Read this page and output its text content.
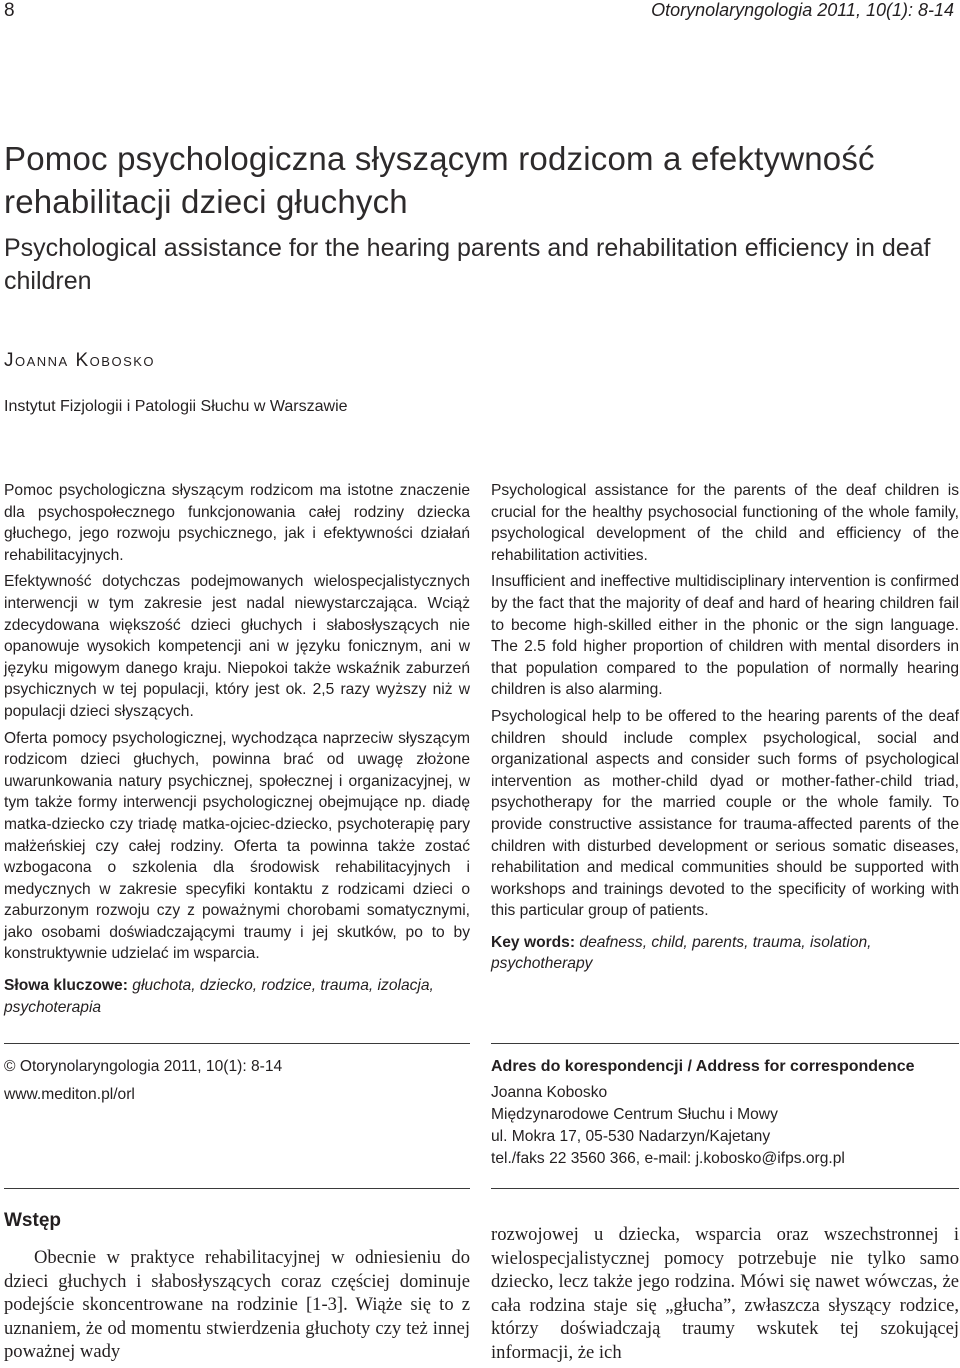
8	Otorynolaryngologia 2011, 10(1): 8-14
Pomoc psychologiczna słyszącym rodzicom a efektywność rehabilitacji dzieci głuchych
Psychological assistance for the hearing parents and rehabilitation efficiency in deaf children
Joanna Kobosko
Instytut Fizjologii i Patologii Słuchu w Warszawie

Pomoc psychologiczna słyszącym rodzicom ma istotne znaczenie dla psychospołecznego funkcjonowania całej rodziny dziecka głuchego, jego rozwoju psychicznego, jak i efektywności działań rehabilitacyjnych.

Efektywność dotychczas podejmowanych wielospecjalistycznych interwencji w tym zakresie jest nadal niewystarczająca. Wciąż zdecydowana większość dzieci głuchych i słabosłyszących nie opanowuje wysokich kompetencji ani w języku fonicznym, ani w języku migowym danego kraju. Niepokoi także wskaźnik zaburzeń psychicznych w tej populacji, który jest ok. 2,5 razy wyższy niż w populacji dzieci słyszących.

Oferta pomocy psychologicznej, wychodząca naprzeciw słyszącym rodzicom dzieci głuchych, powinna brać od uwagę złożone uwarunkowania natury psychicznej, społecznej i organizacyjnej, w tym także formy interwencji psychologicznej obejmujące np. diadę matka-dziecko czy triadę matka-ojciec-dziecko, psychoterapię pary małżeńskiej czy całej rodziny. Oferta ta powinna także zostać wzbogacona o szkolenia dla środowisk rehabilitacyjnych i medycznych w zakresie specyfiki kontaktu z rodzicami dzieci o zaburzonym rozwoju czy z poważnymi chorobami somatycznymi, jako osobami doświadczającymi traumy i jej skutków, po to by konstruktywnie udzielać im wsparcia.

Słowa kluczowe: głuchota, dziecko, rodzice, trauma, izolacja, psychoterapia

Psychological assistance for the parents of the deaf children is crucial for the healthy psychosocial functioning of the whole family, psychological development of the child and efficiency of the rehabilitation activities.

Insufficient and ineffective multidisciplinary intervention is confirmed by the fact that the majority of deaf and hard of hearing children fail to become high-skilled either in the phonic or the sign language. The 2.5 fold higher proportion of children with mental disorders in that population compared to the population of normally hearing children is also alarming.

Psychological help to be offered to the hearing parents of the deaf children should include complex psychological, social and organizational aspects and consider such forms of psychological intervention as mother-child dyad or mother-father-child triad, psychotherapy for the married couple or the whole family. To provide constructive assistance for trauma-affected parents of the children with disturbed development or serious somatic diseases, rehabilitation and medical communities should be supported with workshops and trainings devoted to the specificity of working with this particular group of patients.

Key words: deafness, child, parents, trauma, isolation, psychotherapy

© Otorynolaryngologia 2011, 10(1): 8-14
www.mediton.pl/orl
Adres do korespondencji / Address for correspondence
Joanna Kobosko
Międzynarodowe Centrum Słuchu i Mowy
ul. Mokra 17, 05-530 Nadarzyn/Kajetany
tel./faks 22 3560 366, e-mail: j.kobosko@ifps.org.pl
Wstęp
Obecnie w praktyce rehabilitacyjnej w odniesieniu do dzieci głuchych i słabosłyszących coraz częściej dominuje podejście skoncentrowane na rodzinie [1-3]. Wiąże się to z uznaniem, że od momentu stwierdzenia głuchoty czy też innej poważnej wady
rozwojowej u dziecka, wsparcia oraz wszechstronnej i wielospecjalistycznej pomocy potrzebuje nie tylko samo dziecko, lecz także jego rodzina. Mówi się nawet wówczas, że cała rodzina staje się „głucha”, zwłaszcza słyszący rodzice, którzy doświadczają traumy wskutek tej szokującej informacji, że ich
